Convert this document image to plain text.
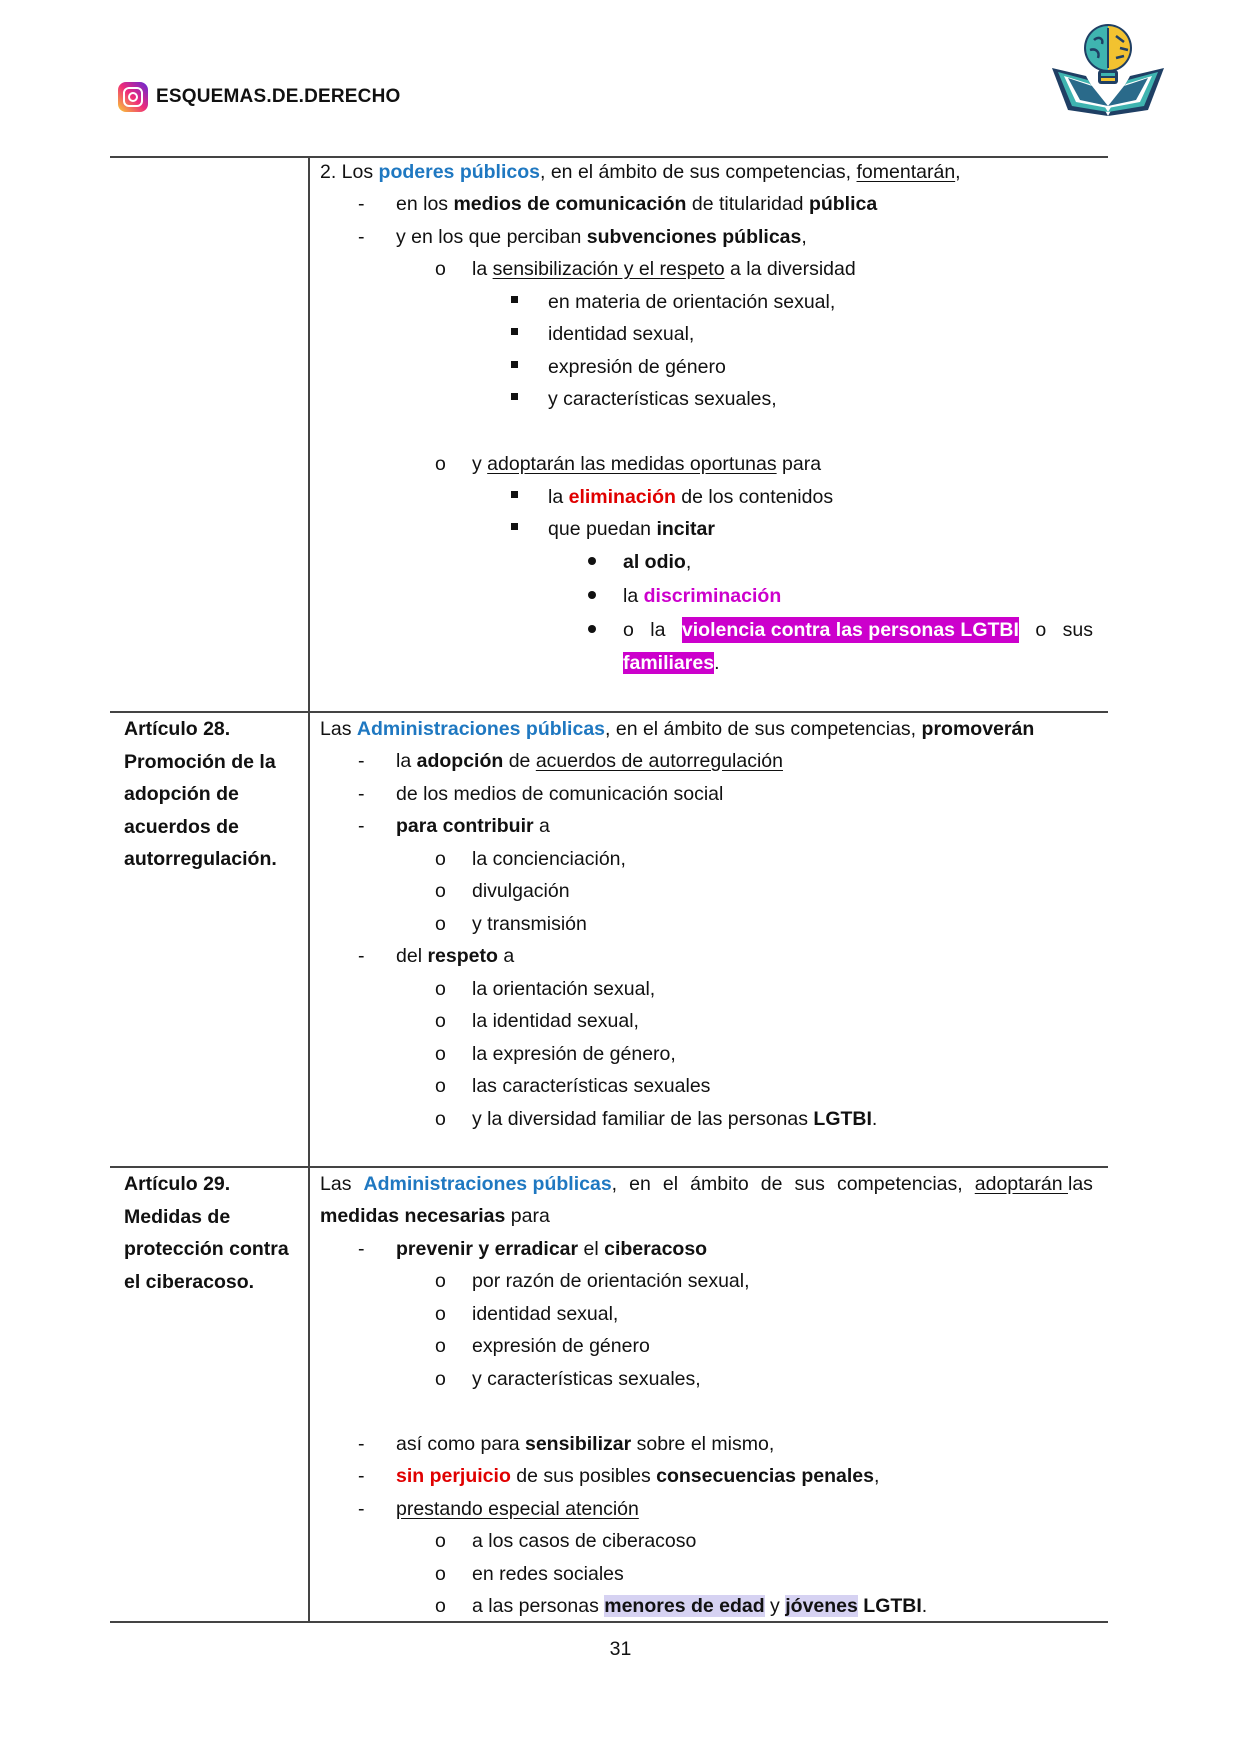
ESQUEMAS.DE.DERECHO
2. Los poderes públicos, en el ámbito de sus competencias, fomentarán,
- en los medios de comunicación de titularidad pública
- y en los que perciban subvenciones públicas,
o la sensibilización y el respeto a la diversidad
en materia de orientación sexual,
identidad sexual,
expresión de género
y características sexuales,
o y adoptarán las medidas oportunas para
la eliminación de los contenidos
que puedan incitar
al odio,
la discriminación
o la violencia contra las personas LGTBI o sus
familiares.
Artículo 28.
Promoción de la
adopción de
acuerdos de
autorregulación.
Las Administraciones públicas, en el ámbito de sus competencias, promoverán
- la adopción de acuerdos de autorregulación
- de los medios de comunicación social
- para contribuir a
o la concienciación,
o divulgación
o y transmisión
- del respeto a
o la orientación sexual,
o la identidad sexual,
o la expresión de género,
o las características sexuales
o y la diversidad familiar de las personas LGTBI.
Artículo 29.
Medidas de
protección contra
el ciberacoso.
Las Administraciones públicas, en el ámbito de sus competencias, adoptarán las
medidas necesarias para
- prevenir y erradicar el ciberacoso
o por razón de orientación sexual,
o identidad sexual,
o expresión de género
o y características sexuales,
- así como para sensibilizar sobre el mismo,
- sin perjuicio de sus posibles consecuencias penales,
- prestando especial atención
o a los casos de ciberacoso
o en redes sociales
o a las personas menores de edad y jóvenes LGTBI.
31
